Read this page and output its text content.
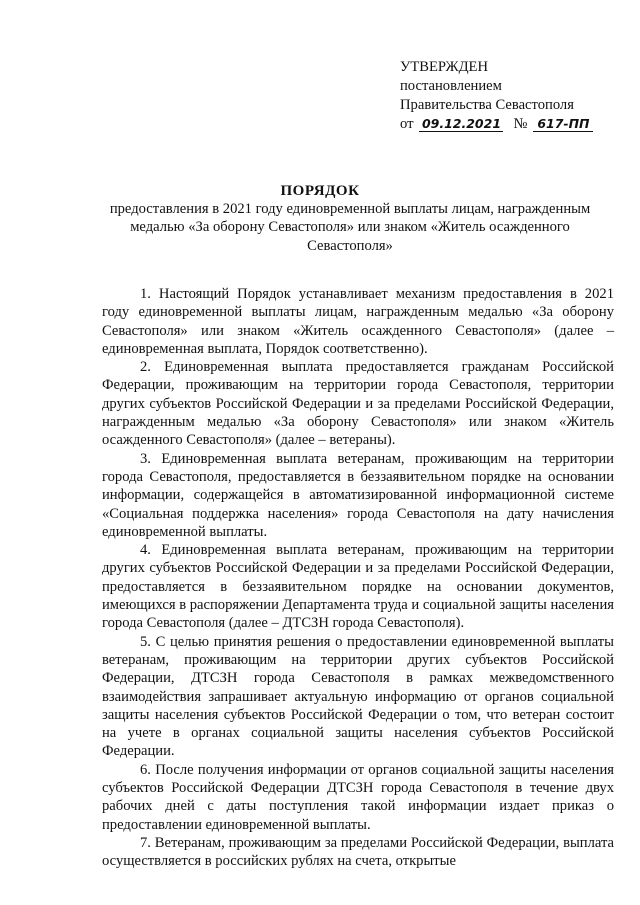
УТВЕРЖДЕН
постановлением
Правительства Севастополя
от 09.12.2021 № 617-ПП
ПОРЯДОК
предоставления в 2021 году единовременной выплаты лицам, награжденным медалью «За оборону Севастополя» или знаком «Житель осажденного Севастополя»

1. Настоящий Порядок устанавливает механизм предоставления в 2021 году единовременной выплаты лицам, награжденным медалью «За оборону Севастополя» или знаком «Житель осажденного Севастополя» (далее – единовременная выплата, Порядок соответственно).

2. Единовременная выплата предоставляется гражданам Российской Федерации, проживающим на территории города Севастополя, территории других субъектов Российской Федерации и за пределами Российской Федерации, награжденным медалью «За оборону Севастополя» или знаком «Житель осажденного Севастополя» (далее – ветераны).

3. Единовременная выплата ветеранам, проживающим на территории города Севастополя, предоставляется в беззаявительном порядке на основании информации, содержащейся в автоматизированной информационной системе «Социальная поддержка населения» города Севастополя на дату начисления единовременной выплаты.

4. Единовременная выплата ветеранам, проживающим на территории других субъектов Российской Федерации и за пределами Российской Федерации, предоставляется в беззаявительном порядке на основании документов, имеющихся в распоряжении Департамента труда и социальной защиты населения города Севастополя (далее – ДТСЗН города Севастополя).

5. С целью принятия решения о предоставлении единовременной выплаты ветеранам, проживающим на территории других субъектов Российской Федерации, ДТСЗН города Севастополя в рамках межведомственного взаимодействия запрашивает актуальную информацию от органов социальной защиты населения субъектов Российской Федерации о том, что ветеран состоит на учете в органах социальной защиты населения субъектов Российской Федерации.

6. После получения информации от органов социальной защиты населения субъектов Российской Федерации ДТСЗН города Севастополя в течение двух рабочих дней с даты поступления такой информации издает приказ о предоставлении единовременной выплаты.

7. Ветеранам, проживающим за пределами Российской Федерации, выплата осуществляется в российских рублях на счета, открытые
